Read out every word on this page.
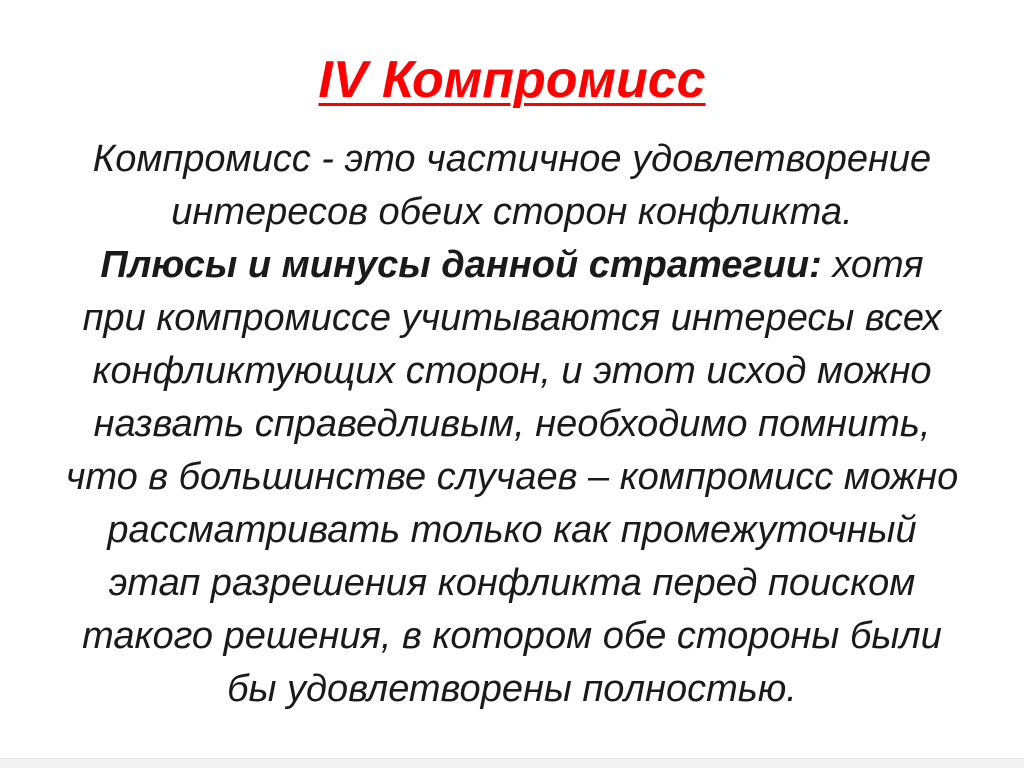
IV Компромисс
Компромисс - это частичное удовлетворение
интересов обеих сторон конфликта.
Плюсы и минусы данной стратегии: хотя
при компромиссе учитываются интересы всех
конфликтующих сторон, и этот исход можно
назвать справедливым, необходимо помнить,
что в большинстве случаев – компромисс можно
рассматривать только как промежуточный
этап разрешения конфликта перед поиском
такого решения, в котором обе стороны были
бы удовлетворены полностью.
